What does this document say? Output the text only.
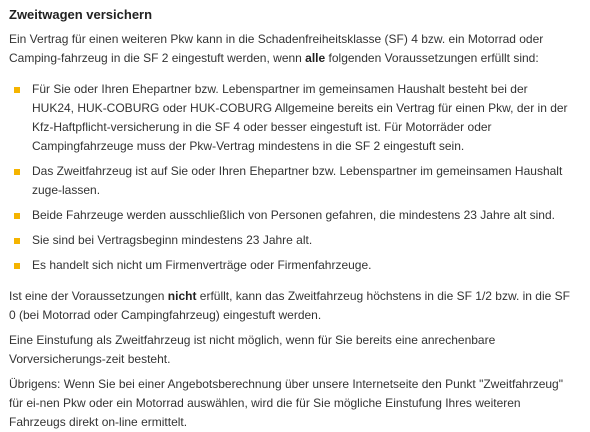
Zweitwagen versichern

Ein Vertrag für einen weiteren Pkw kann in die Schadenfreiheitsklasse (SF) 4 bzw. ein Motorrad oder Camping-fahrzeug in die SF 2 eingestuft werden, wenn alle folgenden Voraussetzungen erfüllt sind:

Für Sie oder Ihren Ehepartner bzw. Lebenspartner im gemeinsamen Haushalt besteht bei der HUK24, HUK-COBURG oder HUK-COBURG Allgemeine bereits ein Vertrag für einen Pkw, der in der Kfz-Haftpflicht-versicherung in die SF 4 oder besser eingestuft ist. Für Motorräder oder Campingfahrzeuge muss der Pkw-Vertrag mindestens in die SF 2 eingestuft sein.
Das Zweitfahrzeug ist auf Sie oder Ihren Ehepartner bzw. Lebenspartner im gemeinsamen Haushalt zuge-lassen.
Beide Fahrzeuge werden ausschließlich von Personen gefahren, die mindestens 23 Jahre alt sind.
Sie sind bei Vertragsbeginn mindestens 23 Jahre alt.
Es handelt sich nicht um Firmenverträge oder Firmenfahrzeuge.

Ist eine der Voraussetzungen nicht erfüllt, kann das Zweitfahrzeug höchstens in die SF 1/2 bzw. in die SF 0 (bei Motorrad oder Campingfahrzeug) eingestuft werden.

Eine Einstufung als Zweitfahrzeug ist nicht möglich, wenn für Sie bereits eine anrechenbare Vorversicherungs-zeit besteht.

Übrigens: Wenn Sie bei einer Angebotsberechnung über unsere Internetseite den Punkt "Zweitfahrzeug" für ei-nen Pkw oder ein Motorrad auswählen, wird die für Sie mögliche Einstufung Ihres weiteren Fahrzeugs direkt on-line ermittelt.
